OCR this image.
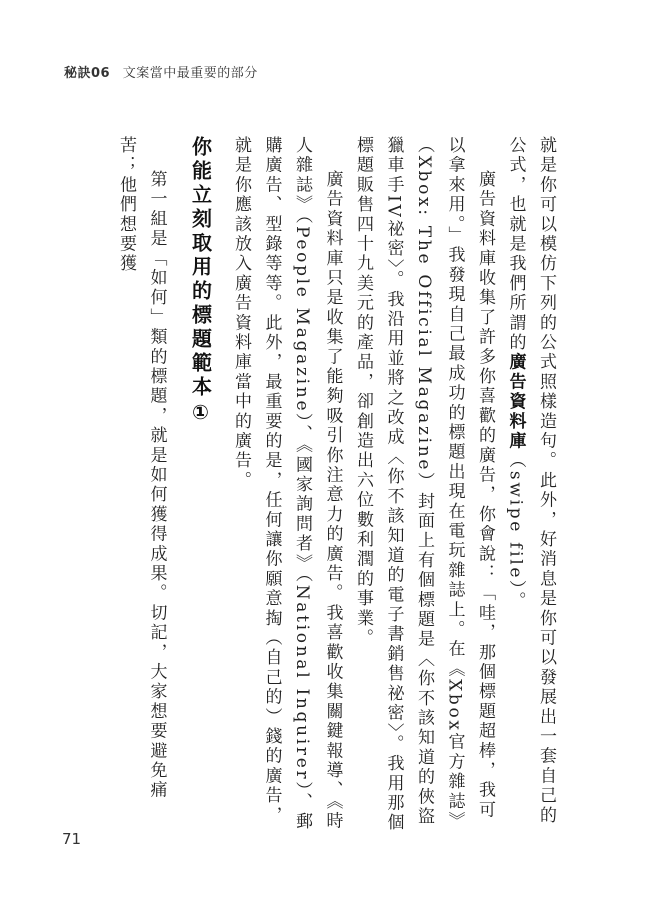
秘訣06 文案當中最重要的部分

就是你可以模仿下列的公式照樣造句。此外，好消息是你可以發展出一套自己的公式，也就是我們所謂的廣告資料庫（swipe file）。

廣告資料庫收集了許多你喜歡的廣告，你會說：「哇，那個標題超棒，我可以拿來用。」我發現自己最成功的標題出現在電玩雜誌上。在《Xbox官方雜誌》（Xbox: The Official Magazine）封面上有個標題是〈你不該知道的俠盜獵車手IV祕密〉。我沿用並將之改成〈你不該知道的電子書銷售祕密〉。我用那個標題販售四十九美元的產品，卻創造出六位數利潤的事業。

廣告資料庫只是收集了能夠吸引你注意力的廣告。我喜歡收集關鍵報導、《時人雜誌》（People Magazine）、《國家詢問者》（National Inquirer）、郵購廣告、型錄等等。此外，最重要的是，任何讓你願意掏（自己的）錢的廣告，就是你應該放入廣告資料庫當中的廣告。

你能立刻取用的標題範本①

第一組是「如何」類的標題，就是如何獲得成果。切記，大家想要避免痛苦；他們想要獲

71
